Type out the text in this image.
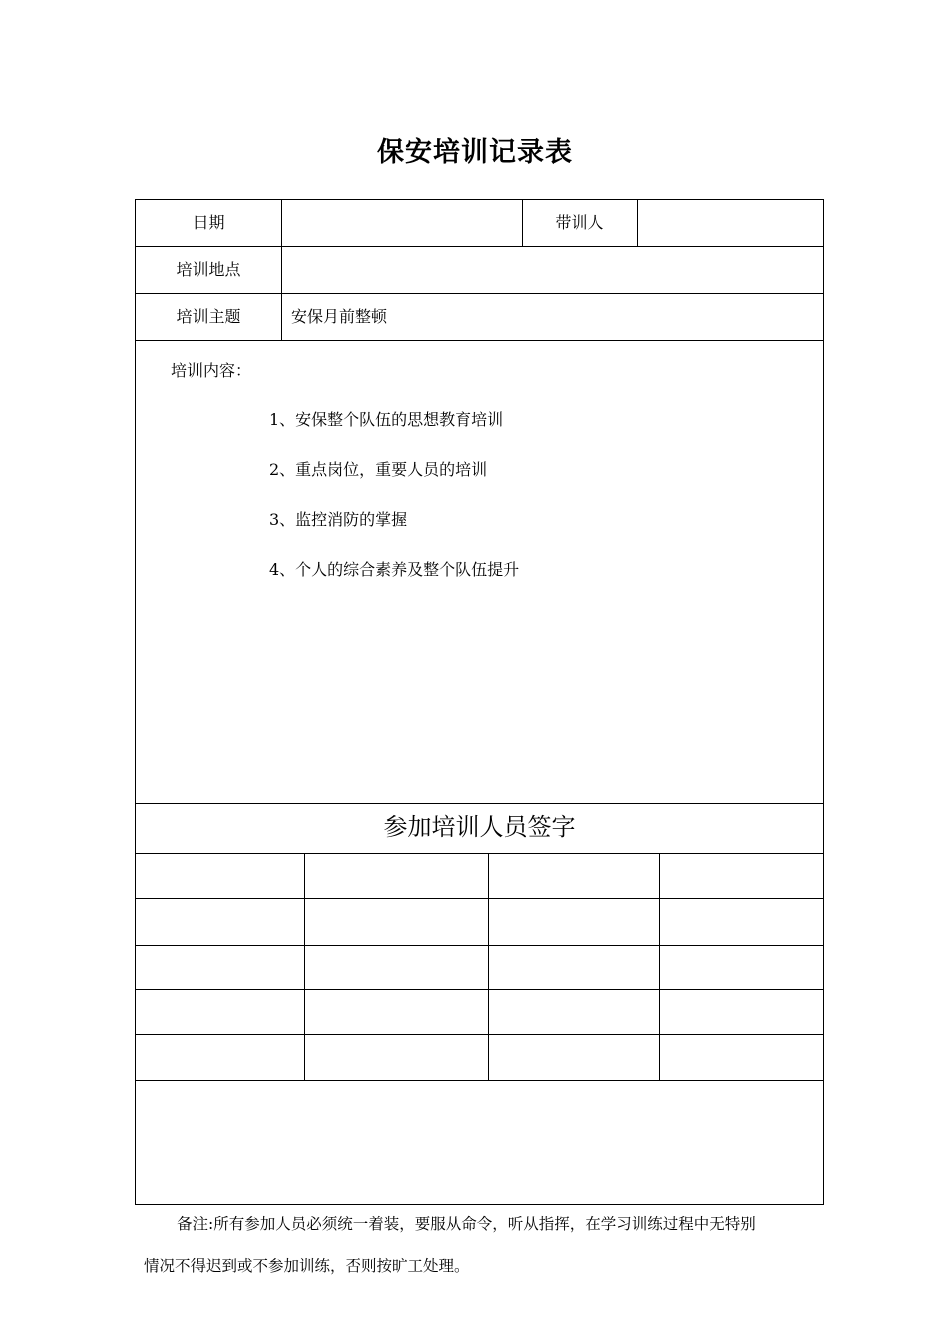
保安培训记录表
日期	带训人
培训地点
培训主题	安保月前整顿
培训内容：
1、安保整个队伍的思想教育培训
2、重点岗位，重要人员的培训
3、监控消防的掌握
4、个人的综合素养及整个队伍提升
参加培训人员签字
备注:所有参加人员必须统一着装，要服从命令，听从指挥，在学习训练过程中无特别
情况不得迟到或不参加训练，否则按旷工处理。
